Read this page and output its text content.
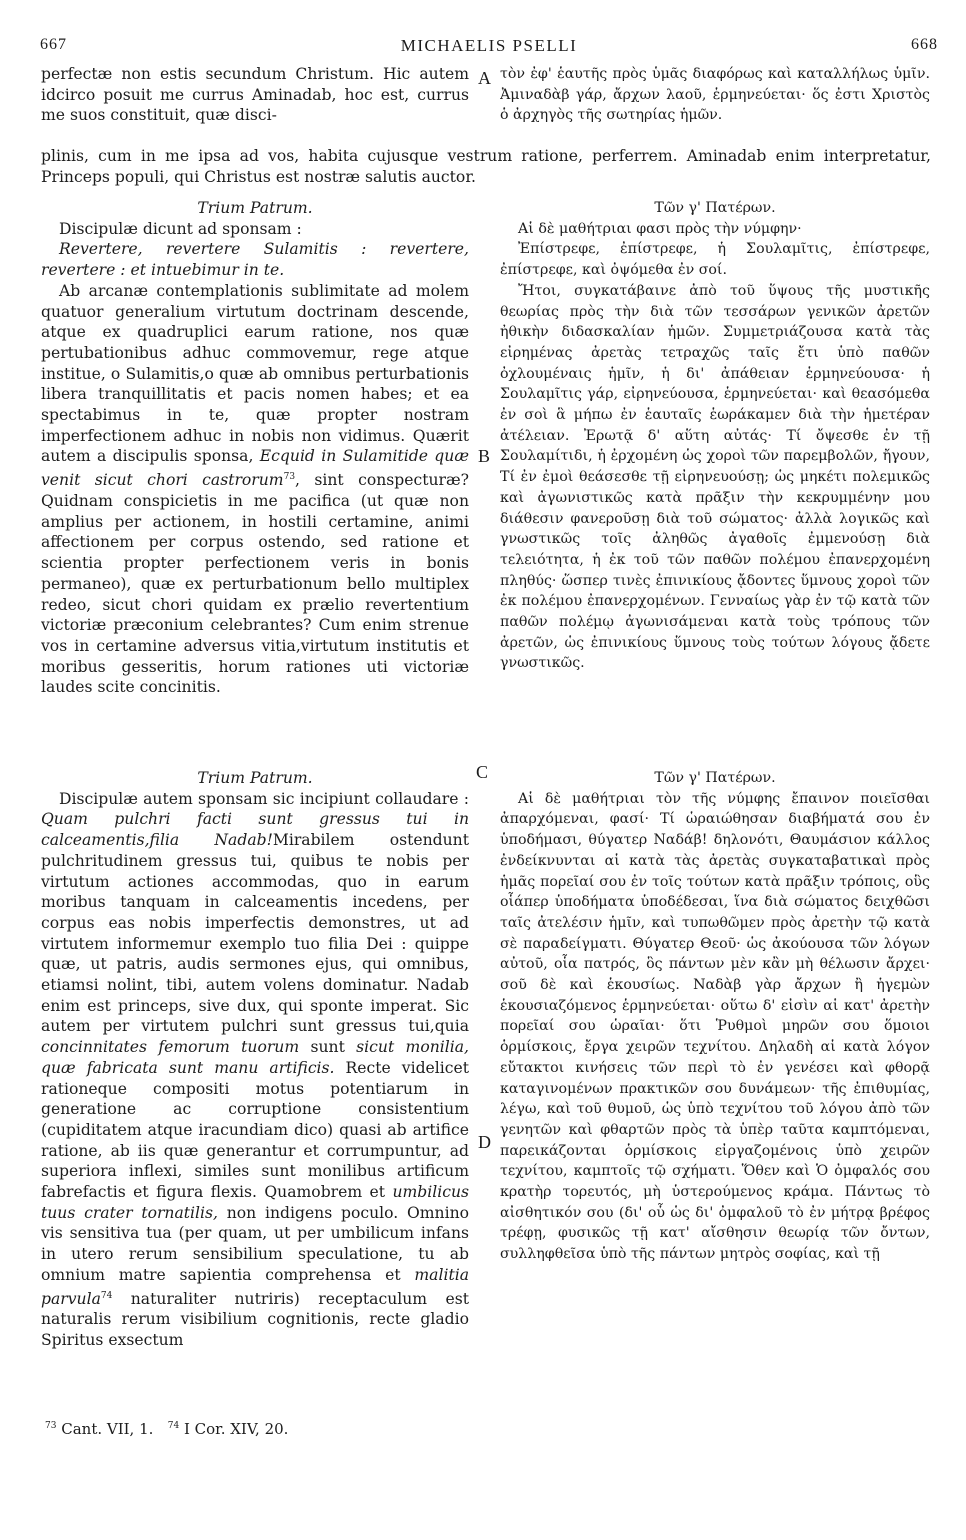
667	MICHAELIS PSELLI	668

perfectæ non estis secundum Christum. Hic autem idcirco posuit me currus Aminadab, hoc est, currus me suos constituit, quæ disci-

A τὸν ἐφ' ἑαυτῆς πρὸς ὑμᾶς διαφόρως καὶ καταλλήλως ὑμῖν. Ἀμιναδὰβ γάρ, ἄρχων λαοῦ, ἑρμηνεύεται· ὅς ἐστι Χριστὸς ὁ ἀρχηγὸς τῆς σωτηρίας ἡμῶν.

plinis, cum in me ipsa ad vos, habita cujusque vestrum ratione, perferrem. Aminadab enim interpretatur, Princeps populi, qui Christus est nostræ salutis auctor.

Trium Patrum.

Discipulæ dicunt ad sponsam :

Revertere, revertere Sulamitis : revertere, revertere : et intuebimur in te.

Ab arcanæ contemplationis sublimitate ad molem quatuor generalium virtutum doctrinam descende, atque ex quadruplici earum ratione, nos quæ pertubationibus adhuc commovemur, rege atque institue, o Sulamitis,o quæ ab omnibus perturbationis libera tranquillitatis et pacis nomen habes; et ea spectabimus in te, quæ propter nostram imperfectionem adhuc in nobis non vidimus. Quærit autem a discipulis sponsa, Ecquid in Sulamitide quæ venit sicut chori castrorum$^{73}$, sint conspecturæ? Quidnam conspicietis in me pacifica (ut quæ non amplius per actionem, in hostili certamine, animi affectionem per corpus ostendo, sed ratione et scientia propter perfectionem veris in bonis permaneo), quæ ex perturbationum bello multiplex redeo, sicut chori quidam ex prælio revertentium victoriæ præconium celebrantes? Cum enim strenue vos in certamine adversus vitia,virtutum institutis et moribus gesseritis, horum rationes uti victoriæ laudes scite concinitis.

B

Τῶν γ' Πατέρων.

Αἱ δὲ μαθήτριαι φασι πρὸς τὴν νύμφην·

Ἐπίστρεφε, ἐπίστρεφε, ἡ Σουλαμῖτις, ἐπίστρεφε, ἐπίστρεφε, καὶ ὀψόμεθα ἐν σοί.

Ἤτοι, συγκατάβαινε ἀπὸ τοῦ ὕψους τῆς μυστικῆς θεωρίας πρὸς τὴν διὰ τῶν τεσσάρων γενικῶν ἀρετῶν ἠθικὴν διδασκαλίαν ἡμῶν. Συμμετριάζουσα κατὰ τὰς εἰρημένας ἀρετὰς τετραχῶς ταῖς ἔτι ὑπὸ παθῶν ὀχλουμέναις ἡμῖν, ἡ δι' ἀπάθειαν ἑρμηνεύουσα· ἡ Σουλαμῖτις γάρ, εἰρηνεύουσα, ἑρμηνεύεται· καὶ θεασόμεθα ἐν σοὶ ἃ μήπω ἐν ἑαυταῖς ἑωράκαμεν διὰ τὴν ἡμετέραν ἀτέλειαν. Ἐρωτᾷ δ' αὕτη αὐτάς· Τί ὄψεσθε ἐν τῇ Σουλαμίτιδι, ἡ ἐρχομένη ὡς χοροὶ τῶν παρεμβολῶν, ἤγουν, Τί ἐν ἐμοὶ θεάσεσθε τῇ εἰρηνευούσῃ; ὡς μηκέτι πολεμικῶς καὶ ἀγωνιστικῶς κατὰ πρᾶξιν τὴν κεκρυμμένην μου διάθεσιν φανεροῦσῃ διὰ τοῦ σώματος· ἀλλὰ λογικῶς καὶ γνωστικῶς τοῖς ἀληθῶς ἀγαθοῖς ἐμμενούσῃ διὰ τελειότητα, ἡ ἐκ τοῦ τῶν παθῶν πολέμου ἐπανερχομένη πληθύς· ὥσπερ τινὲς ἐπινικίους ᾄδοντες ὕμνους χοροὶ τῶν ἐκ πολέμου ἐπανερχομένων. Γενναίως γὰρ ἐν τῷ κατὰ τῶν παθῶν πολέμῳ ἀγωνισάμεναι κατὰ τοὺς τρόπους τῶν ἀρετῶν, ὡς ἐπινικίους ὕμνους τοὺς τούτων λόγους ᾄδετε γνωστικῶς.

Trium Patrum.

Discipulæ autem sponsam sic incipiunt collaudare : Quam pulchri facti sunt gressus tui in calceamentis,filia Nadab!Mirabilem ostendunt pulchritudinem gressus tui, quibus te nobis per virtutum actiones accommodas, quo in earum moribus tanquam in calceamentis incedens, per corpus eas nobis imperfectis demonstres, ut ad virtutem informemur exemplo tuo filia Dei : quippe quæ, ut patris, audis sermones ejus, qui omnibus, etiamsi nolint, tibi, autem volens dominatur. Nadab enim est princeps, sive dux, qui sponte imperat. Sic autem per virtutem pulchri sunt gressus tui,quia concinnitates femorum tuorum sunt sicut monilia, quæ fabricata sunt manu artificis. Recte videlicet rationeque compositi motus potentiarum in generatione ac corruptione consistentium (cupiditatem atque iracundiam dico) quasi ab artifice ratione, ab iis quæ generantur et corrumpuntur, ad superiora inflexi, similes sunt monilibus artificum fabrefactis et figura flexis. Quamobrem et umbilicus tuus crater tornatilis, non indigens poculo. Omnino vis sensitiva tua (per quam, ut per umbilicum infans in utero rerum sensibilium speculatione, tu ab omnium matre sapientia comprehensa et malitia parvula$^{74}$ naturaliter nutriris) receptaculum est naturalis rerum visibilium cognitionis, recte gladio Spiritus exsectum

C
D

Τῶν γ' Πατέρων.

Αἱ δὲ μαθήτριαι τὸν τῆς νύμφης ἔπαινον ποιεῖσθαι ἀπαρχόμεναι, φασί· Τί ὡραιώθησαν διαβήματά σου ἐν ὑποδήμασι, θύγατερ Ναδάβ! δηλονότι, Θαυμάσιον κάλλος ἐνδείκνυνται αἱ κατὰ τὰς ἀρετὰς συγκαταβατικαὶ πρὸς ἡμᾶς πορεῖαί σου ἐν τοῖς τούτων κατὰ πρᾶξιν τρόποις, οὓς οἷάπερ ὑποδήματα ὑποδέδεσαι, ἵνα διὰ σώματος δειχθῶσι ταῖς ἀτελέσιν ἡμῖν, καὶ τυπωθῶμεν πρὸς ἀρετὴν τῷ κατὰ σὲ παραδείγματι. Θύγατερ Θεοῦ· ὡς ἀκούουσα τῶν λόγων αὐτοῦ, οἷα πατρός, ὃς πάντων μὲν κἂν μὴ θέλωσιν ἄρχει· σοῦ δὲ καὶ ἑκουσίως. Ναδὰβ γὰρ ἄρχων ἢ ἡγεμὼν ἑκουσιαζόμενος ἑρμηνεύεται· οὕτω δ' εἰσὶν αἱ κατ' ἀρετὴν πορεῖαί σου ὡραῖαι· ὅτι Ῥυθμοὶ μηρῶν σου ὅμοιοι ὁρμίσκοις, ἔργα χειρῶν τεχνίτου. Δηλαδὴ αἱ κατὰ λόγον εὔτακτοι κινήσεις τῶν περὶ τὸ ἐν γενέσει καὶ φθορᾷ καταγινομένων πρακτικῶν σου δυνάμεων· τῆς ἐπιθυμίας, λέγω, καὶ τοῦ θυμοῦ, ὡς ὑπὸ τεχνίτου τοῦ λόγου ἀπὸ τῶν γενητῶν καὶ φθαρτῶν πρὸς τὰ ὑπὲρ ταῦτα καμπτόμεναι, παρεικάζονται ὁρμίσκοις εἰργαζομένοις ὑπὸ χειρῶν τεχνίτου, καμπτοῖς τῷ σχήματι. Ὅθεν καὶ Ὁ ὀμφαλός σου κρατὴρ τορευτός, μὴ ὑστερούμενος κράμα. Πάντως τὸ αἰσθητικόν σου (δι' οὗ ὡς δι' ὀμφαλοῦ τὸ ἐν μήτρᾳ βρέφος τρέφῃ, φυσικῶς τῇ κατ' αἴσθησιν θεωρίᾳ τῶν ὄντων, συλληφθεῖσα ὑπὸ τῆς πάντων μητρὸς σοφίας, καὶ τῇ

$^{73}$ Cant. VII, 1. $^{74}$ I Cor. XIV, 20.
